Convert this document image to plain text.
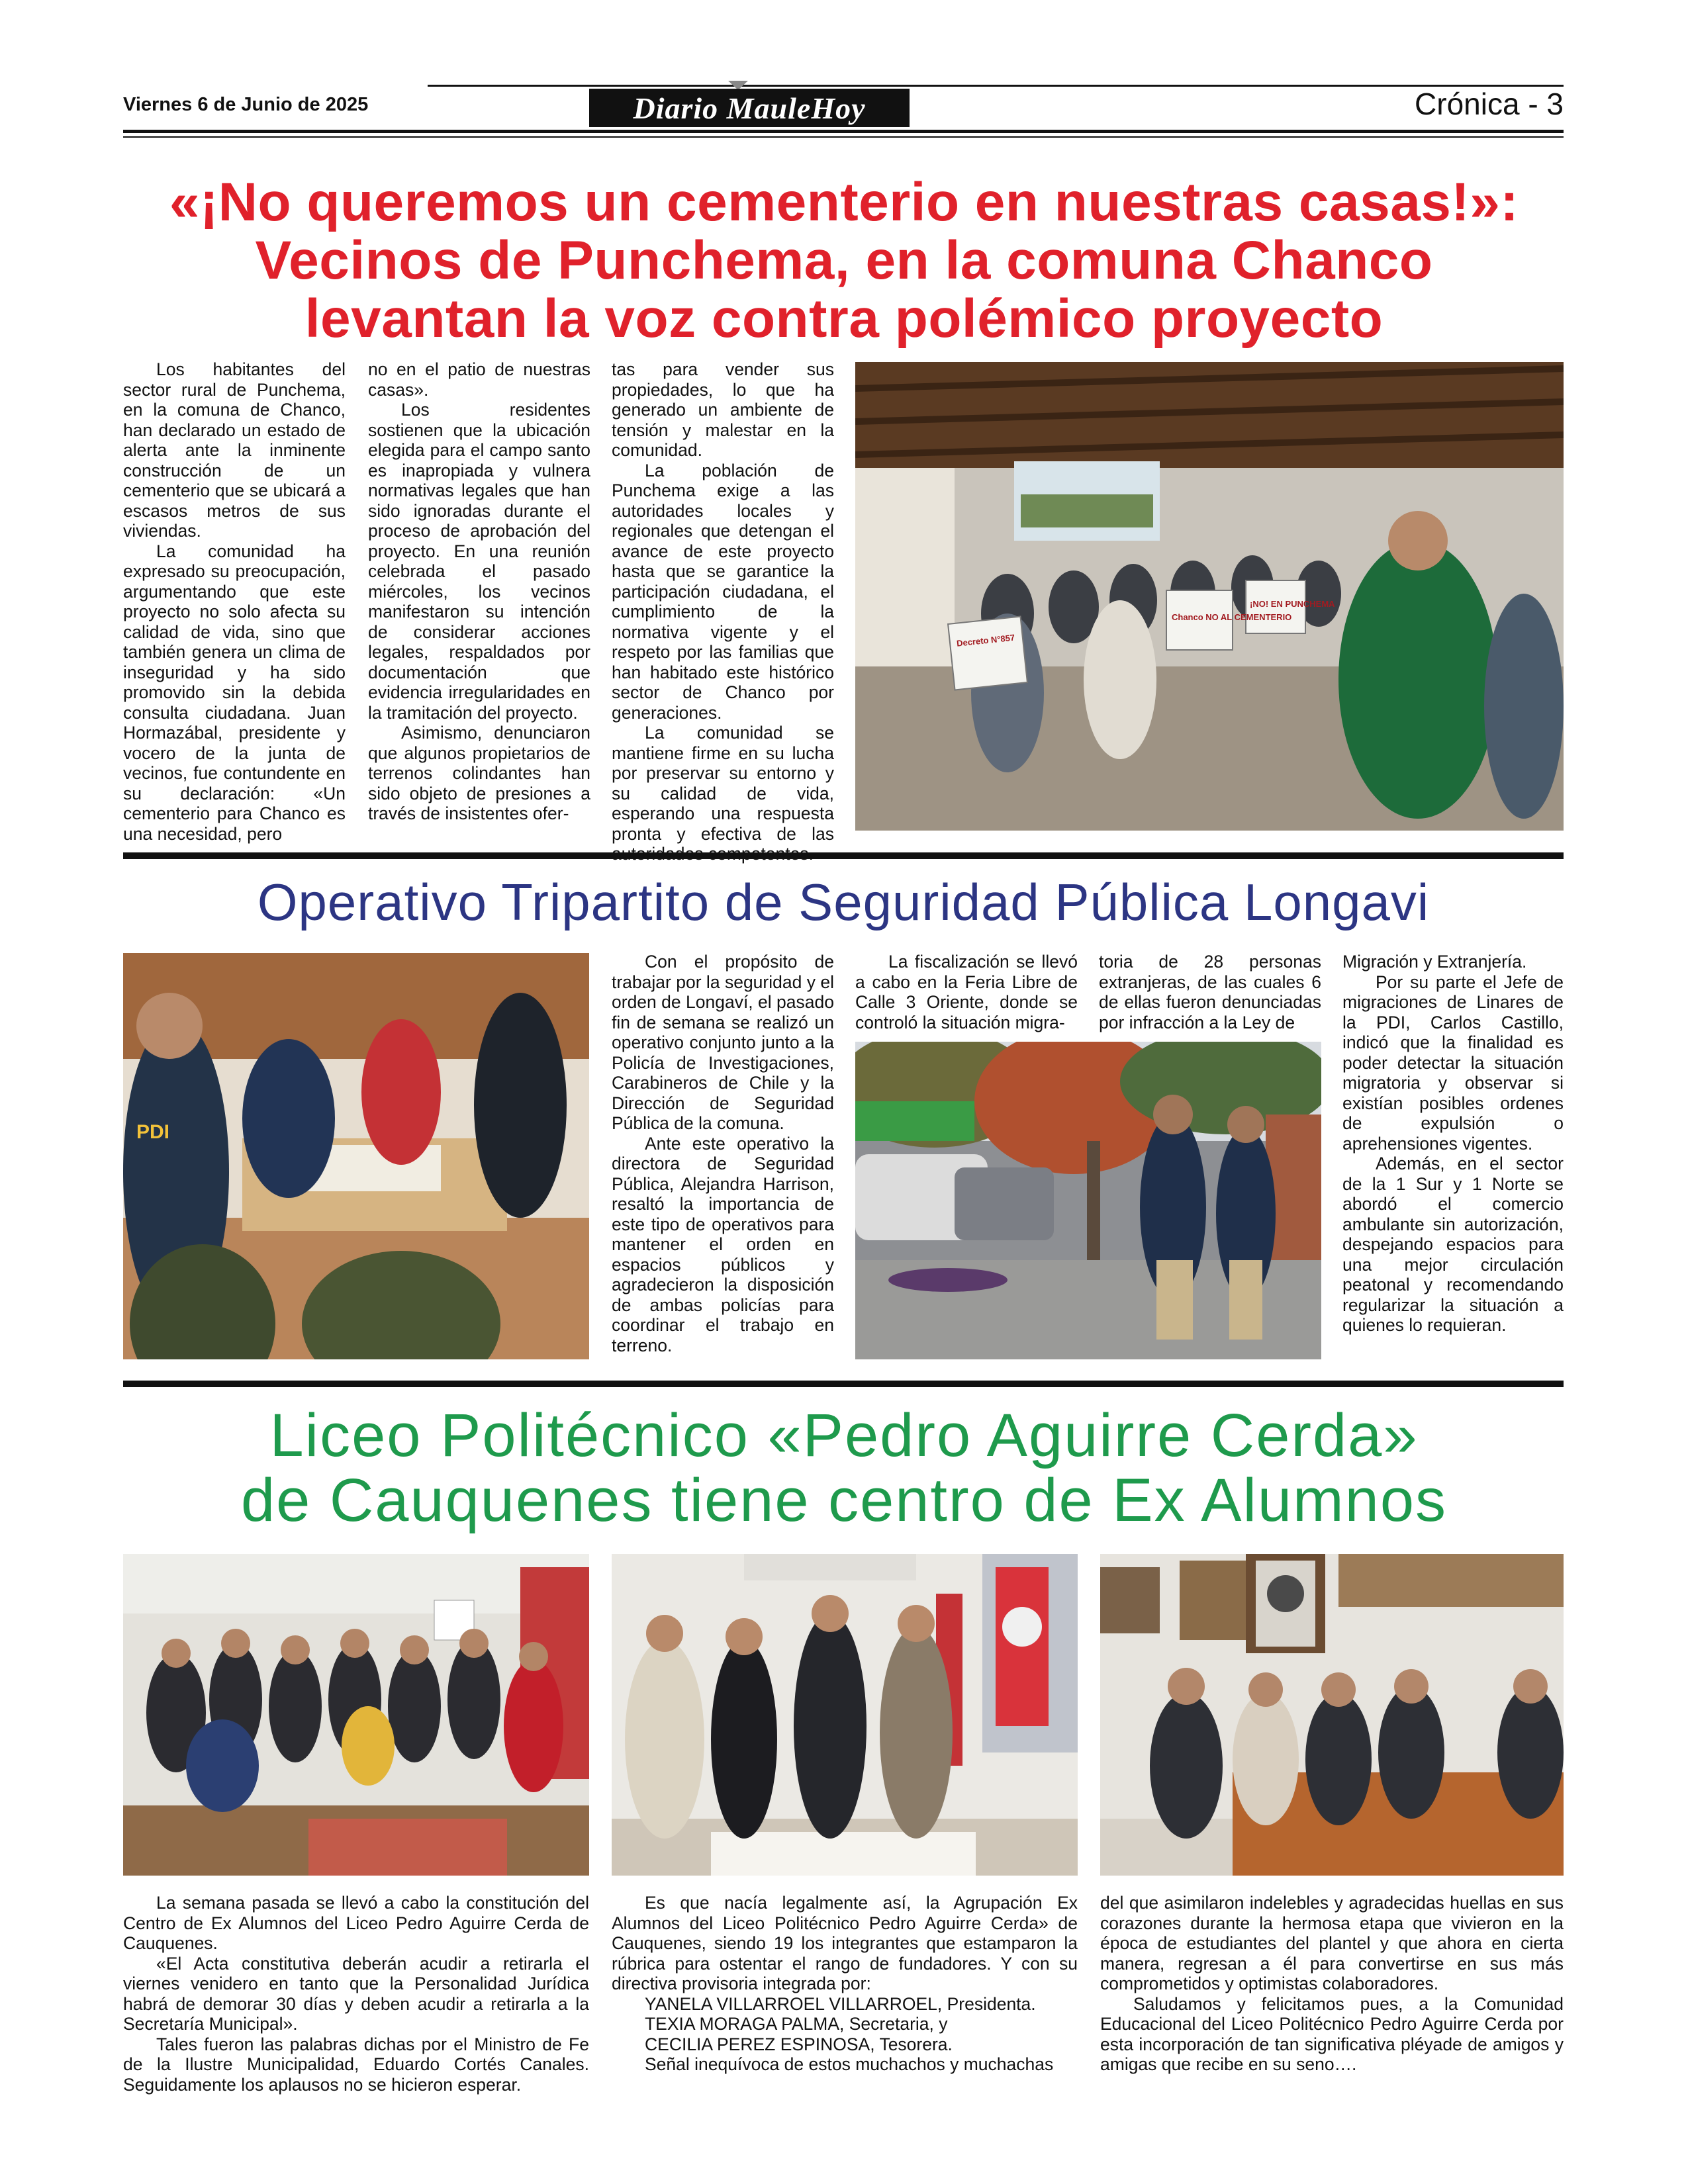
Viernes 6 de Junio de 2025	Diario MauleHoy	Crónica - 3
«¡No queremos un cementerio en nuestras casas!»:
Vecinos de Punchema, en la comuna Chanco
levantan la voz contra polémico proyecto

Los habitantes del sector rural de Punchema, en la comuna de Chanco, han declarado un estado de alerta ante la inminente construcción de un cementerio que se ubicará a escasos metros de sus viviendas.

La comunidad ha expresado su preocupación, argumentando que este proyecto no solo afecta su calidad de vida, sino que también genera un clima de inseguridad y ha sido promovido sin la debida consulta ciudadana. Juan Hormazábal, presidente y vocero de la junta de vecinos, fue contundente en su declaración: «Un cementerio para Chanco es una necesidad, pero

no en el patio de nuestras casas».

Los residentes sostienen que la ubicación elegida para el campo santo es inapropiada y vulnera normativas legales que han sido ignoradas durante el proceso de aprobación del proyecto. En una reunión celebrada el pasado miércoles, los vecinos manifestaron su intención de considerar acciones legales, respaldados por documentación que evidencia irregularidades en la tramitación del proyecto.

Asimismo, denunciaron que algunos propietarios de terrenos colindantes han sido objeto de presiones a través de insistentes ofer-

tas para vender sus propiedades, lo que ha generado un ambiente de tensión y malestar en la comunidad.

La población de Punchema exige a las autoridades locales y regionales que detengan el avance de este proyecto hasta que se garantice la participación ciudadana, el cumplimiento de la normativa vigente y el respeto por las familias que han habitado este histórico sector de Chanco por generaciones.

La comunidad se mantiene firme en su lucha por preservar su entorno y su calidad de vida, esperando una respuesta pronta y efectiva de las

Decreto N°857
Chanco NO AL CEMENTERIO
¡NO! EN PUNCHEMA
Operativo Tripartito de Seguridad Pública Longavi
PDI

Con el propósito de trabajar por la seguridad y el orden de Longaví, el pasado fin de semana se realizó un operativo conjunto junto a la Policía de Investigaciones, Carabineros de Chile y la Dirección de Seguridad Pública de la comuna.

Ante este operativo la directora de Seguridad Pública, Alejandra Harrison, resaltó la importancia de este tipo de operativos para mantener el orden en espacios públicos y agradecieron la disposición de ambas policías para coordinar el trabajo en terreno.

La fiscalización se llevó a cabo en la Feria Libre de Calle 3 Oriente, donde se controló la situación migra-

toria de 28 personas extranjeras, de las cuales 6 de ellas fueron denunciadas por infracción a la Ley de

Migración y Extranjería.

Por su parte el Jefe de migraciones de Linares de la PDI, Carlos Castillo, indicó que la finalidad es poder detectar la situación migratoria y observar si existían posibles ordenes de expulsión o aprehensiones vigentes.

Además, en el sector de la 1 Sur y 1 Norte se abordó el comercio ambulante sin autorización, despejando espacios para una mejor circulación peatonal y recomendando regularizar la situación a quienes lo requieran.

Liceo Politécnico «Pedro Aguirre Cerda»
de Cauquenes tiene centro de Ex Alumnos

La semana pasada se llevó a cabo la constitución del Centro de Ex Alumnos del Liceo Pedro Aguirre Cerda de Cauquenes.

«El Acta constitutiva deberán acudir a retirarla el viernes venidero en tanto que la Personalidad Jurídica habrá de demorar 30 días y deben acudir a retirarla a la Secretaría Municipal».

Tales fueron las palabras dichas por el Ministro de Fe de la Ilustre Municipalidad, Eduardo Cortés Canales. Seguidamente los aplausos no se hicieron esperar.

Es que nacía legalmente así, la Agrupación Ex Alumnos del Liceo Politécnico Pedro Aguirre Cerda» de Cauquenes, siendo 19 los integrantes que estamparon la rúbrica para ostentar el rango de fundadores. Y con su directiva provisoria integrada por:

YANELA VILLARROEL VILLARROEL, Presidenta.

TEXIA MORAGA PALMA, Secretaria, y

CECILIA PEREZ ESPINOSA, Tesorera.

Señal inequívoca de estos muchachos y muchachas

del que asimilaron indelebles y agradecidas huellas en sus corazones durante la hermosa etapa que vivieron en la época de estudiantes del plantel y que ahora en cierta manera, regresan a él para convertirse en sus más comprometidos y optimistas colaboradores.

Saludamos y felicitamos pues, a la Comunidad Educacional del Liceo Politécnico Pedro Aguirre Cerda por esta incorporación de tan significativa pléyade de amigos y amigas que recibe en su seno….
